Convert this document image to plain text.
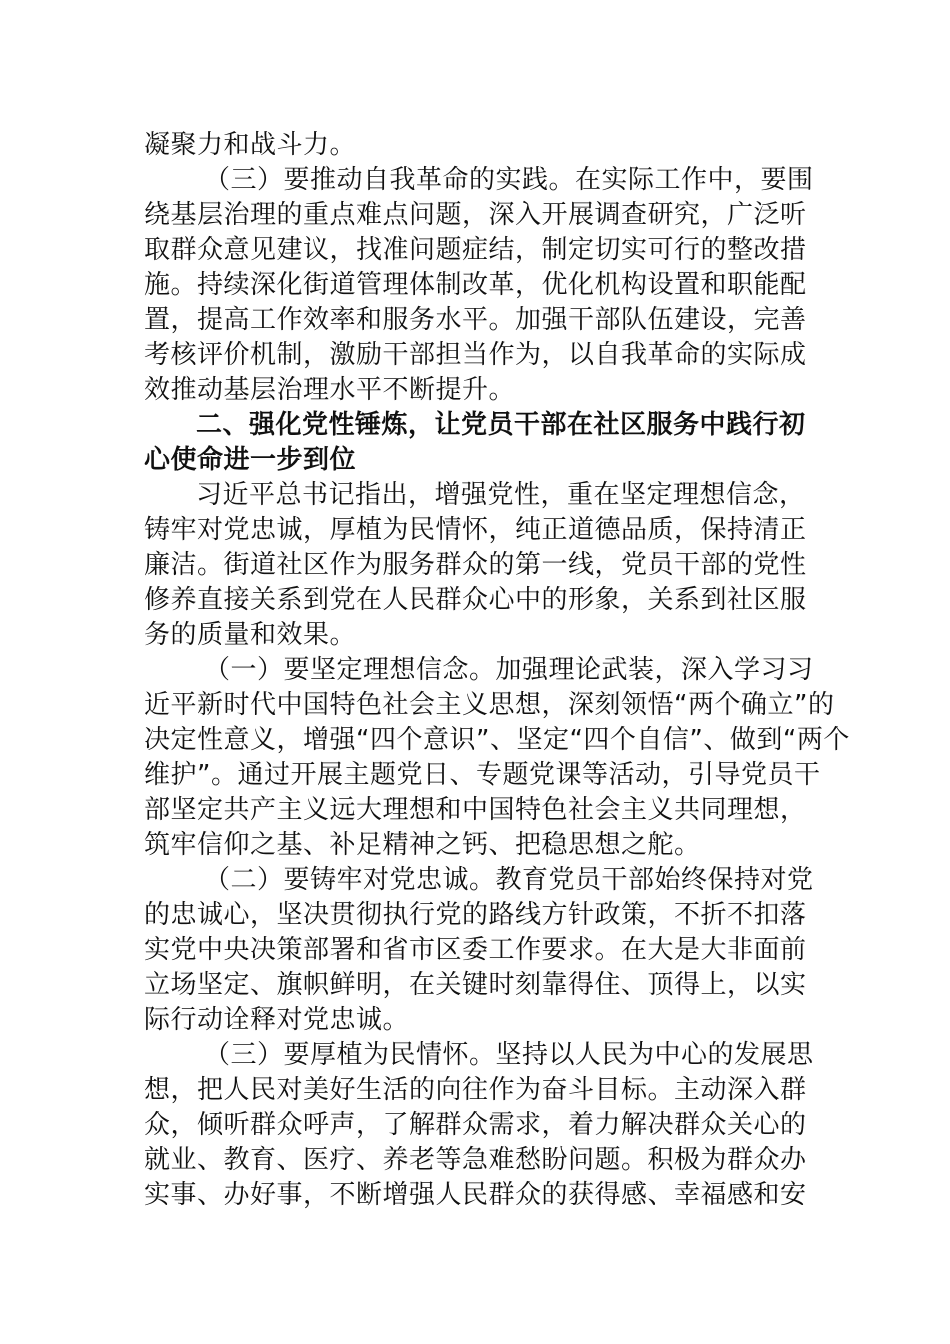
凝聚力和战斗力。
（三）要推动自我革命的实践。在实际工作中，要围
绕基层治理的重点难点问题，深入开展调查研究，广泛听
取群众意见建议，找准问题症结，制定切实可行的整改措
施。持续深化街道管理体制改革，优化机构设置和职能配
置，提高工作效率和服务水平。加强干部队伍建设，完善
考核评价机制，激励干部担当作为，以自我革命的实际成
效推动基层治理水平不断提升。
二、强化党性锤炼，让党员干部在社区服务中践行初
心使命进一步到位
习近平总书记指出，增强党性，重在坚定理想信念，
铸牢对党忠诚，厚植为民情怀，纯正道德品质，保持清正
廉洁。街道社区作为服务群众的第一线，党员干部的党性
修养直接关系到党在人民群众心中的形象，关系到社区服
务的质量和效果。
（一）要坚定理想信念。加强理论武装，深入学习习
近平新时代中国特色社会主义思想，深刻领悟“两个确立”的
决定性意义，增强“四个意识”、坚定“四个自信”、做到“两个
维护”。通过开展主题党日、专题党课等活动，引导党员干
部坚定共产主义远大理想和中国特色社会主义共同理想，
筑牢信仰之基、补足精神之钙、把稳思想之舵。
（二）要铸牢对党忠诚。教育党员干部始终保持对党
的忠诚心，坚决贯彻执行党的路线方针政策，不折不扣落
实党中央决策部署和省市区委工作要求。在大是大非面前
立场坚定、旗帜鲜明，在关键时刻靠得住、顶得上，以实
际行动诠释对党忠诚。
（三）要厚植为民情怀。坚持以人民为中心的发展思
想，把人民对美好生活的向往作为奋斗目标。主动深入群
众，倾听群众呼声，了解群众需求，着力解决群众关心的
就业、教育、医疗、养老等急难愁盼问题。积极为群众办
实事、办好事，不断增强人民群众的获得感、幸福感和安
